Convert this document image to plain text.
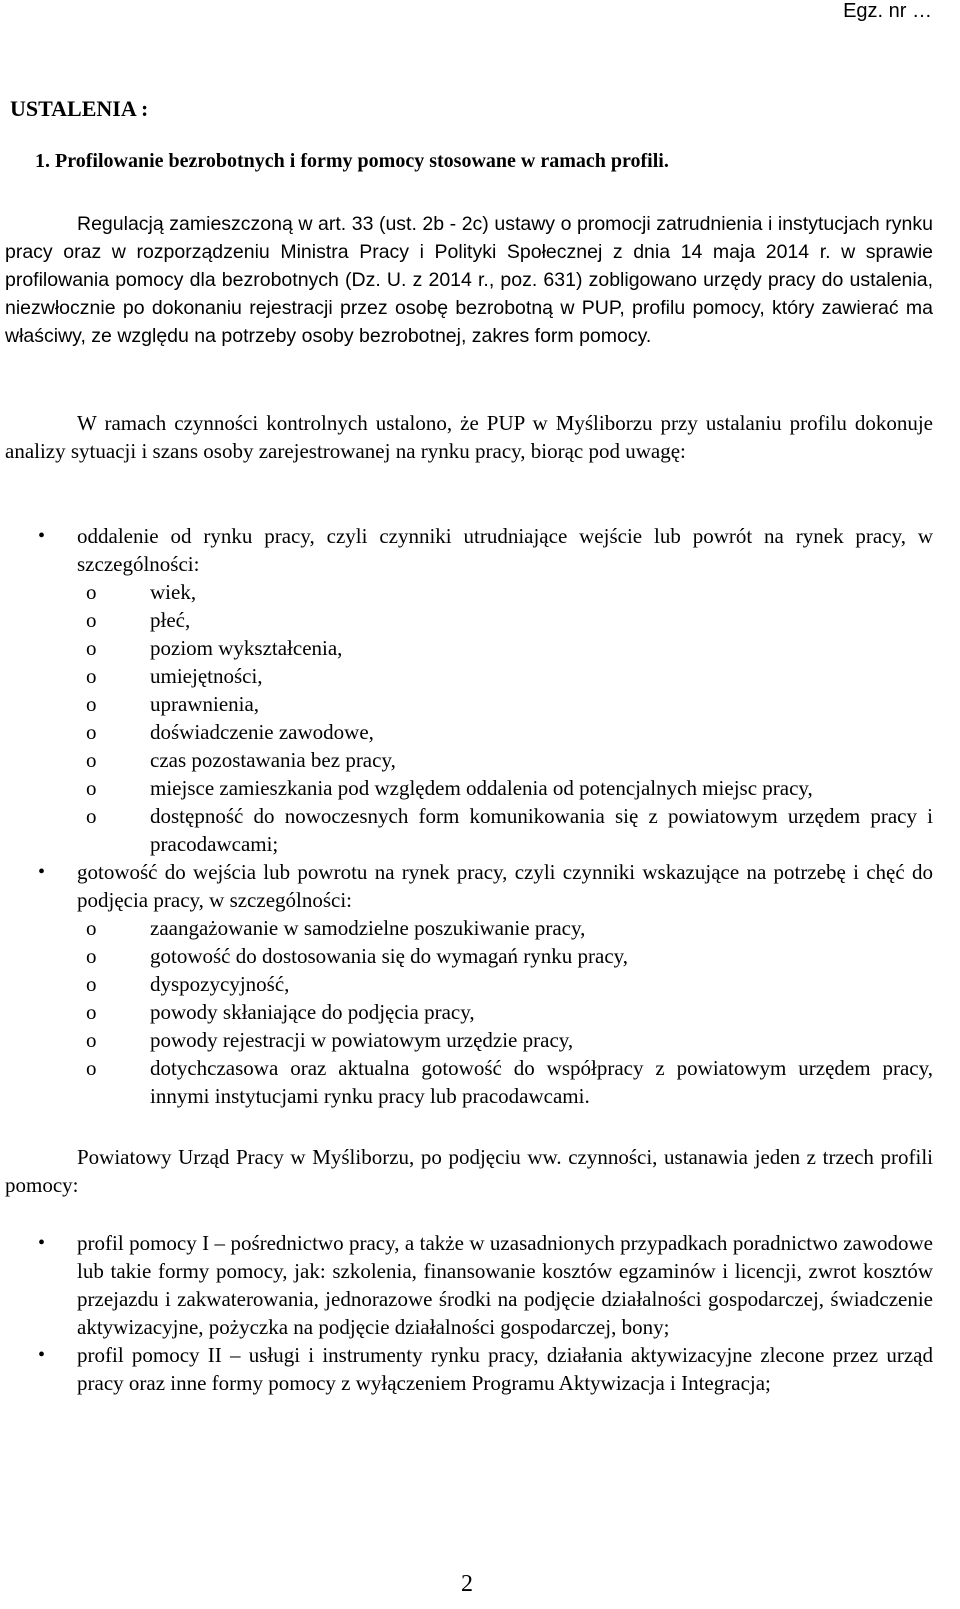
Egz. nr …
USTALENIA :
1. Profilowanie bezrobotnych i formy pomocy stosowane w ramach profili.

Regulacją zamieszczoną w art. 33 (ust. 2b - 2c) ustawy o promocji zatrudnienia i instytucjach rynku pracy oraz w rozporządzeniu Ministra Pracy i Polityki Społecznej z dnia 14 maja 2014 r. w sprawie profilowania pomocy dla bezrobotnych (Dz. U. z 2014 r., poz. 631) zobligowano urzędy pracy do ustalenia, niezwłocznie po dokonaniu rejestracji przez osobę bezrobotną w PUP, profilu pomocy, który zawierać ma właściwy, ze względu na potrzeby osoby bezrobotnej, zakres form pomocy.

W ramach czynności kontrolnych ustalono, że PUP w Myśliborzu przy ustalaniu profilu dokonuje analizy sytuacji i szans osoby zarejestrowanej na rynku pracy, biorąc pod uwagę:

• oddalenie od rynku pracy, czyli czynniki utrudniające wejście lub powrót na rynek pracy, w szczególności:
o	wiek,
o	płeć,
o	poziom wykształcenia,
o	umiejętności,
o	uprawnienia,
o	doświadczenie zawodowe,
o	czas pozostawania bez pracy,
o	miejsce zamieszkania pod względem oddalenia od potencjalnych miejsc pracy,
o	dostępność do nowoczesnych form komunikowania się z powiatowym urzędem pracy i pracodawcami;
• gotowość do wejścia lub powrotu na rynek pracy, czyli czynniki wskazujące na potrzebę i chęć do podjęcia pracy, w szczególności:
o	zaangażowanie w samodzielne poszukiwanie pracy,
o	gotowość do dostosowania się do wymagań rynku pracy,
o	dyspozycyjność,
o	powody skłaniające do podjęcia pracy,
o	powody rejestracji w powiatowym urzędzie pracy,
o	dotychczasowa oraz aktualna gotowość do współpracy z powiatowym urzędem pracy, innymi instytucjami rynku pracy lub pracodawcami.

Powiatowy Urząd Pracy w Myśliborzu, po podjęciu ww. czynności, ustanawia jeden z trzech profili pomocy:

• profil pomocy I – pośrednictwo pracy, a także w uzasadnionych przypadkach poradnictwo zawodowe lub takie formy pomocy, jak: szkolenia, finansowanie kosztów egzaminów i licencji, zwrot kosztów przejazdu i zakwaterowania, jednorazowe środki na podjęcie działalności gospodarczej, świadczenie aktywizacyjne, pożyczka na podjęcie działalności gospodarczej, bony;
• profil pomocy II – usługi i instrumenty rynku pracy, działania aktywizacyjne zlecone przez urząd pracy oraz inne formy pomocy z wyłączeniem Programu Aktywizacja i Integracja;
2
